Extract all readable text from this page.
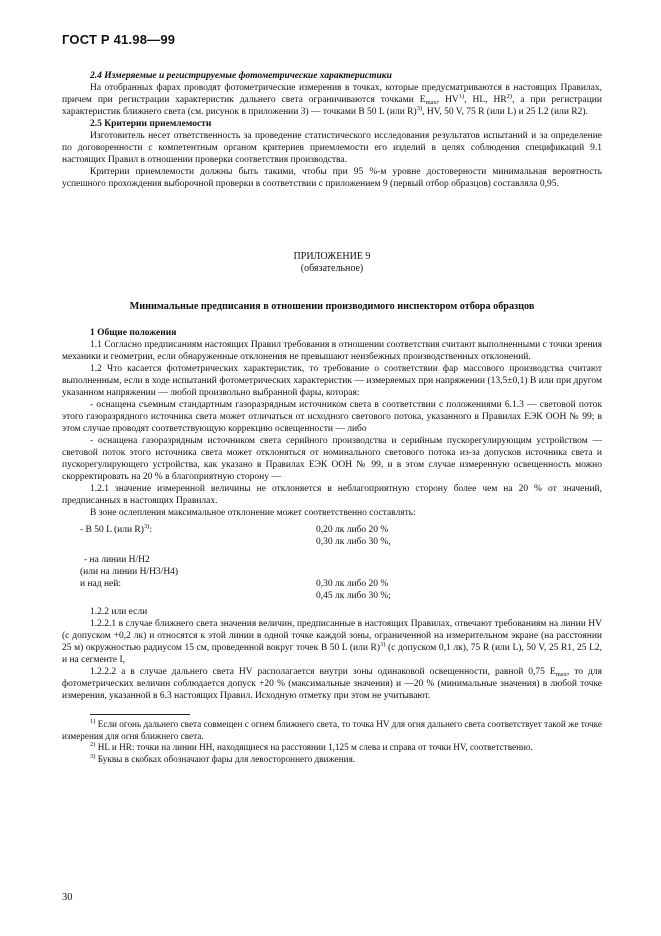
ГОСТ Р 41.98—99

2.4 Измеряемые и регистрируемые фотометрические характеристики

На отобранных фарах проводят фотометрические измерения в точках, которые предусматриваются в настоящих Правилах, причем при регистрации характеристик дальнего света ограничиваются точками $E_{max}$, HV$^{1)}$, HL, HR$^{2)}$, а при регистрации характеристик ближнего света (см. рисунок в приложении 3) — точками B 50 L (или R)$^{3)}$, HV, 50 V, 75 R (или L) и 25 L2 (или R2).

2.5 Критерии приемлемости

Изготовитель несет ответственность за проведение статистического исследования результатов испытаний и за определение по договоренности с компетентным органом критериев приемлемости его изделий в целях соблюдения спецификаций 9.1 настоящих Правил в отношении проверки соответствия производства.

Критерии приемлемости должны быть такими, чтобы при 95 %-м уровне достоверности минимальная вероятность успешного прохождения выборочной проверки в соответствии с приложением 9 (первый отбор образцов) составляла 0,95.

ПРИЛОЖЕНИЕ 9

(обязательное)

Минимальные предписания в отношении производимого инспектором отбора образцов

1 Общие положения

1.1 Согласно предписаниям настоящих Правил требования в отношении соответствия считают выполненными с точки зрения механики и геометрии, если обнаруженные отклонения не превышают неизбежных производственных отклонений.

1.2 Что касается фотометрических характеристик, то требование о соответствии фар массового производства считают выполненным, если в ходе испытаний фотометрических характеристик — измеряемых при напряжении (13,5±0,1) В или при другом указанном напряжении — любой произвольно выбранной фары, которая:

- оснащена съемным стандартным газоразрядным источником света в соответствии с положениями 6.1.3 — световой поток этого газоразрядного источника света может отличаться от исходного светового потока, указанного в Правилах ЕЭК ООН № 99; в этом случае проводят соответствующую коррекцию освещенности — либо

- оснащена газоразрядным источником света серийного производства и серийным пускорегулирующим устройством — световой поток этого источника света может отклоняться от номинального светового потока из-за допусков источника света и пускорегулирующего устройства, как указано в Правилах ЕЭК ООН № 99, и в этом случае измеренную освещенность можно скорректировать на 20 % в благоприятную сторону —

1.2.1 значение измеренной величины не отклоняется в неблагоприятную сторону более чем на 20 % от значений, предписанных в настоящих Правилах.

В зоне ослепления максимальное отклонение может соответственно составлять:

- В 50 L (или R)$^{3)}$:	0,20 лк либо 20 %
0,30 лк либо 30 %,
- на линии H/H2
(или на линии H/H3/H4)
и над ней:	0,30 лк либо 20 %
0,45 лк либо 30 %;

1.2.2 или если

1.2.2.1 в случае ближнего света значения величин, предписанные в настоящих Правилах, отвечают требованиям на линии HV (с допуском +0,2 лк) и относятся к этой линии в одной точке каждой зоны, ограниченной на измерительном экране (на расстоянии 25 м) окружностью радиусом 15 см, проведенной вокруг точек В 50 L (или R)$^{3)}$ (с допуском 0,1 лк), 75 R (или L), 50 V, 25 R1, 25 L2, и на сегменте I,

1.2.2.2 а в случае дальнего света HV располагается внутри зоны одинаковой освещенности, равной 0,75 $E_{max}$, то для фотометрических величин соблюдается допуск +20 % (максимальные значения) и —20 % (минимальные значения) в любой точке измерения, указанной в 6.3 настоящих Правил. Исходную отметку при этом не учитывают.

$^{1)}$ Если огонь дальнего света совмещен с огнем ближнего света, то точка HV для огня дальнего света соответствует такой же точке измерения для огня ближнего света.

$^{2)}$ HL и HR: точки на линии HH, находящиеся на расстоянии 1,125 м слева и справа от точки HV, соответственно.

$^{3)}$ Буквы в скобках обозначают фары для левостороннего движения.

30
